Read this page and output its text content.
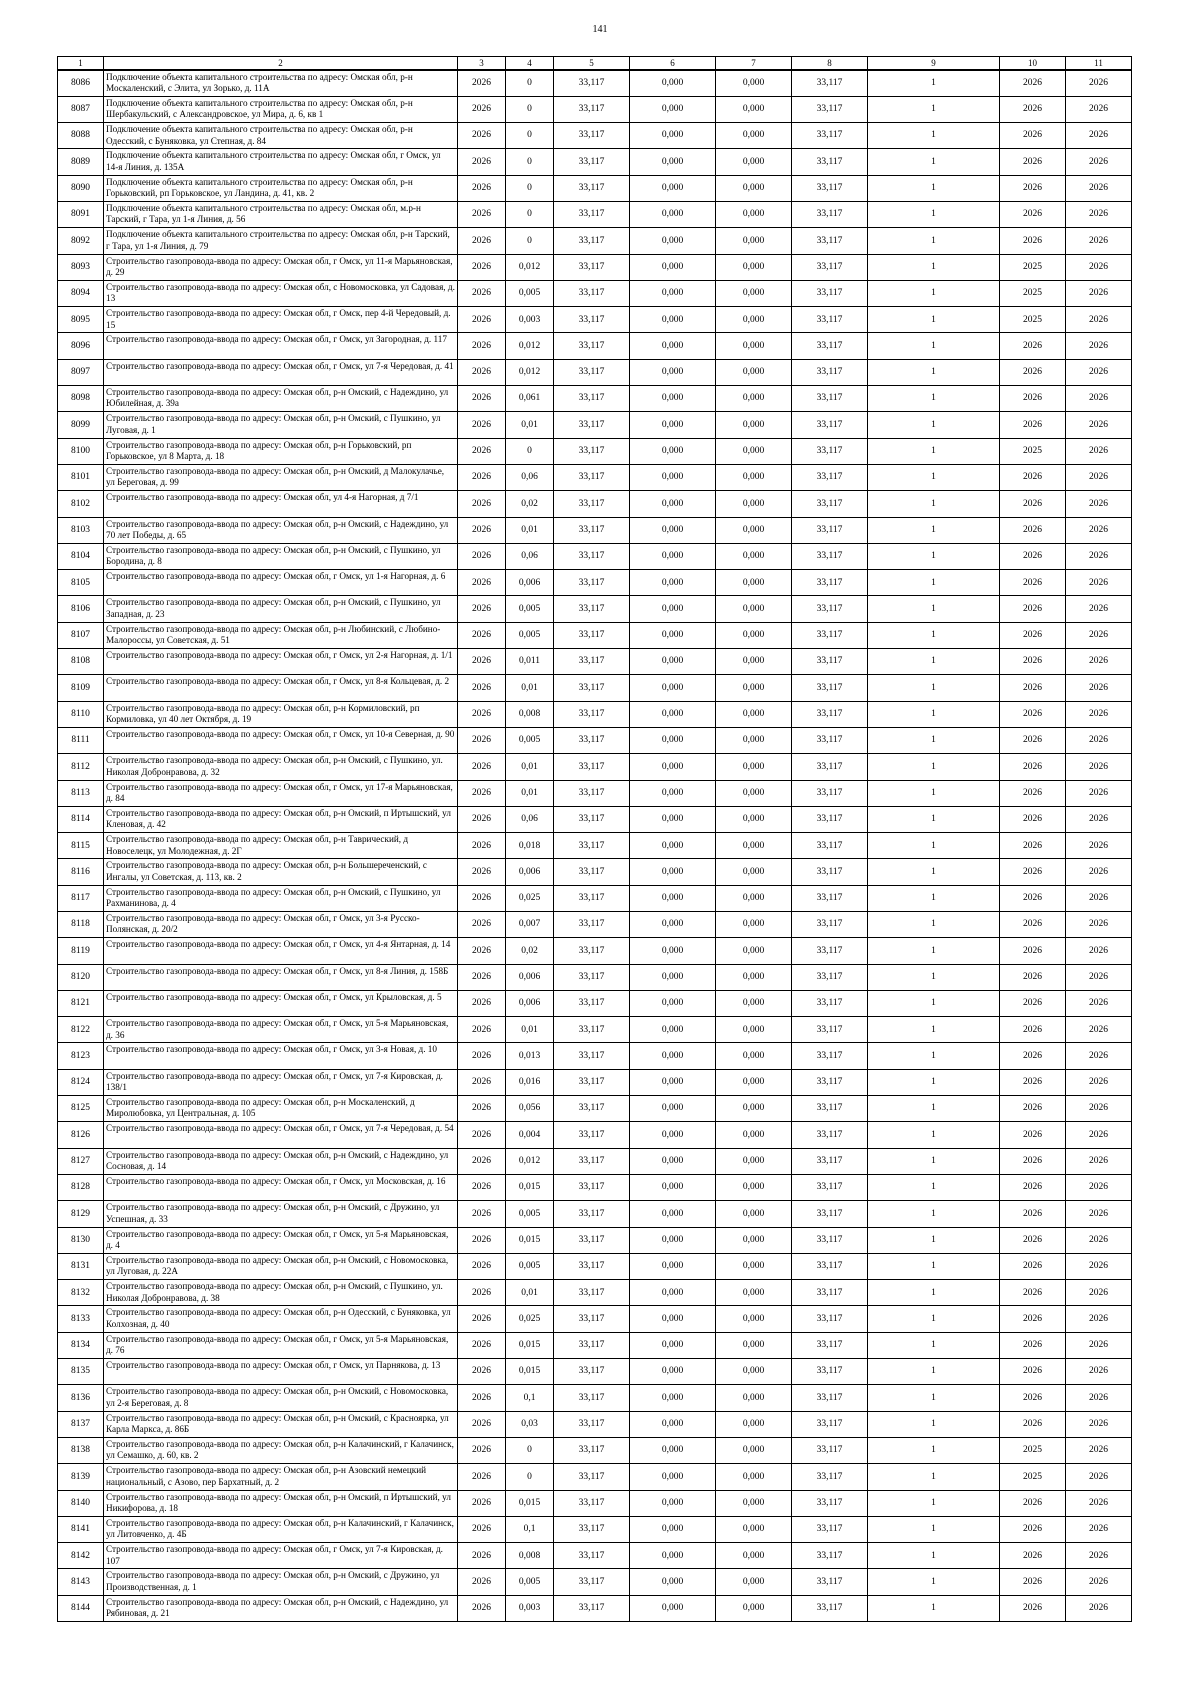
141
1	2	3	4	5	6	7	8	9	10	11
8086	Подключение объекта капитального строительства по адресу: Омская обл, р-н Москаленский, с Элита, ул Зорько, д. 11А	2026	0	33,117	0,000	0,000	33,117	1	2026	2026
8087	Подключение объекта капитального строительства по адресу: Омская обл, р-н Шербакульский, с Александровское, ул Мира, д. 6, кв 1	2026	0	33,117	0,000	0,000	33,117	1	2026	2026
8088	Подключение объекта капитального строительства по адресу: Омская обл, р-н Одесский, с Буняковка, ул Степная, д. 84	2026	0	33,117	0,000	0,000	33,117	1	2026	2026
8089	Подключение объекта капитального строительства по адресу: Омская обл, г Омск, ул 14-я Линия, д. 135А	2026	0	33,117	0,000	0,000	33,117	1	2026	2026
8090	Подключение объекта капитального строительства по адресу: Омская обл, р-н Горьковский, рп Горьковское, ул Ландина, д. 41, кв. 2	2026	0	33,117	0,000	0,000	33,117	1	2026	2026
8091	Подключение объекта капитального строительства по адресу: Омская обл, м.р-н Тарский, г Тара, ул 1-я Линия, д. 56	2026	0	33,117	0,000	0,000	33,117	1	2026	2026
8092	Подключение объекта капитального строительства по адресу: Омская обл, р-н Тарский, г Тара, ул 1-я Линия, д. 79	2026	0	33,117	0,000	0,000	33,117	1	2026	2026
8093	Строительство газопровода-ввода по адресу: Омская обл, г Омск, ул 11-я Марьяновская, д. 29	2026	0,012	33,117	0,000	0,000	33,117	1	2025	2026
8094	Строительство газопровода-ввода по адресу: Омская обл, с Новомосковка, ул Садовая, д. 13	2026	0,005	33,117	0,000	0,000	33,117	1	2025	2026
8095	Строительство газопровода-ввода по адресу: Омская обл, г Омск, пер 4-й Чередовый, д. 15	2026	0,003	33,117	0,000	0,000	33,117	1	2025	2026
8096	Строительство газопровода-ввода по адресу: Омская обл, г Омск, ул Загородная, д. 117	2026	0,012	33,117	0,000	0,000	33,117	1	2026	2026
8097	Строительство газопровода-ввода по адресу: Омская обл, г Омск, ул 7-я Чередовая, д. 41	2026	0,012	33,117	0,000	0,000	33,117	1	2026	2026
8098	Строительство газопровода-ввода по адресу: Омская обл, р-н Омский, с Надеждино, ул Юбилейная, д. 39а	2026	0,061	33,117	0,000	0,000	33,117	1	2026	2026
8099	Строительство газопровода-ввода по адресу: Омская обл, р-н Омский, с Пушкино, ул Луговая, д. 1	2026	0,01	33,117	0,000	0,000	33,117	1	2026	2026
8100	Строительство газопровода-ввода по адресу: Омская обл, р-н Горьковский, рп Горьковское, ул 8 Марта, д. 18	2026	0	33,117	0,000	0,000	33,117	1	2025	2026
8101	Строительство газопровода-ввода по адресу: Омская обл, р-н Омский, д Малокулачье, ул Береговая, д. 99	2026	0,06	33,117	0,000	0,000	33,117	1	2026	2026
8102	Строительство газопровода-ввода по адресу: Омская обл, ул 4-я Нагорная, д 7/1	2026	0,02	33,117	0,000	0,000	33,117	1	2026	2026
8103	Строительство газопровода-ввода по адресу: Омская обл, р-н Омский, с Надеждино, ул 70 лет Победы, д. 65	2026	0,01	33,117	0,000	0,000	33,117	1	2026	2026
8104	Строительство газопровода-ввода по адресу: Омская обл, р-н Омский, с Пушкино, ул Бородина, д. 8	2026	0,06	33,117	0,000	0,000	33,117	1	2026	2026
8105	Строительство газопровода-ввода по адресу: Омская обл, г Омск, ул 1-я Нагорная, д. 6	2026	0,006	33,117	0,000	0,000	33,117	1	2026	2026
8106	Строительство газопровода-ввода по адресу: Омская обл, р-н Омский, с Пушкино, ул Западная, д. 23	2026	0,005	33,117	0,000	0,000	33,117	1	2026	2026
8107	Строительство газопровода-ввода по адресу: Омская обл, р-н Любинский, с Любино-Малороссы, ул Советская, д. 51	2026	0,005	33,117	0,000	0,000	33,117	1	2026	2026
8108	Строительство газопровода-ввода по адресу: Омская обл, г Омск, ул 2-я Нагорная, д. 1/1	2026	0,011	33,117	0,000	0,000	33,117	1	2026	2026
8109	Строительство газопровода-ввода по адресу: Омская обл, г Омск, ул 8-я Кольцевая, д. 2	2026	0,01	33,117	0,000	0,000	33,117	1	2026	2026
8110	Строительство газопровода-ввода по адресу: Омская обл, р-н Кормиловский, рп Кормиловка, ул 40 лет Октября, д. 19	2026	0,008	33,117	0,000	0,000	33,117	1	2026	2026
8111	Строительство газопровода-ввода по адресу: Омская обл, г Омск, ул 10-я Северная, д. 90	2026	0,005	33,117	0,000	0,000	33,117	1	2026	2026
8112	Строительство газопровода-ввода по адресу: Омская обл, р-н Омский, с Пушкино, ул. Николая Добронравова, д. 32	2026	0,01	33,117	0,000	0,000	33,117	1	2026	2026
8113	Строительство газопровода-ввода по адресу: Омская обл, г Омск, ул 17-я Марьяновская, д. 84	2026	0,01	33,117	0,000	0,000	33,117	1	2026	2026
8114	Строительство газопровода-ввода по адресу: Омская обл, р-н Омский, п Иртышский, ул Кленовая, д. 42	2026	0,06	33,117	0,000	0,000	33,117	1	2026	2026
8115	Строительство газопровода-ввода по адресу: Омская обл, р-н Таврический, д Новоселецк, ул Молодежная, д. 2Г	2026	0,018	33,117	0,000	0,000	33,117	1	2026	2026
8116	Строительство газопровода-ввода по адресу: Омская обл, р-н Большереченский, с Ингалы, ул Советская, д. 113, кв. 2	2026	0,006	33,117	0,000	0,000	33,117	1	2026	2026
8117	Строительство газопровода-ввода по адресу: Омская обл, р-н Омский, с Пушкино, ул Рахманинова, д. 4	2026	0,025	33,117	0,000	0,000	33,117	1	2026	2026
8118	Строительство газопровода-ввода по адресу: Омская обл, г Омск, ул 3-я Русско-Полянская, д. 20/2	2026	0,007	33,117	0,000	0,000	33,117	1	2026	2026
8119	Строительство газопровода-ввода по адресу: Омская обл, г Омск, ул 4-я Янтарная, д. 14	2026	0,02	33,117	0,000	0,000	33,117	1	2026	2026
8120	Строительство газопровода-ввода по адресу: Омская обл, г Омск, ул 8-я Линия, д. 158Б	2026	0,006	33,117	0,000	0,000	33,117	1	2026	2026
8121	Строительство газопровода-ввода по адресу: Омская обл, г Омск, ул Крыловская, д. 5	2026	0,006	33,117	0,000	0,000	33,117	1	2026	2026
8122	Строительство газопровода-ввода по адресу: Омская обл, г Омск, ул 5-я Марьяновская, д. 36	2026	0,01	33,117	0,000	0,000	33,117	1	2026	2026
8123	Строительство газопровода-ввода по адресу: Омская обл, г Омск, ул 3-я Новая, д. 10	2026	0,013	33,117	0,000	0,000	33,117	1	2026	2026
8124	Строительство газопровода-ввода по адресу: Омская обл, г Омск, ул 7-я Кировская, д. 138/1	2026	0,016	33,117	0,000	0,000	33,117	1	2026	2026
8125	Строительство газопровода-ввода по адресу: Омская обл, р-н Москаленский, д Миролюбовка, ул Центральная, д. 105	2026	0,056	33,117	0,000	0,000	33,117	1	2026	2026
8126	Строительство газопровода-ввода по адресу: Омская обл, г Омск, ул 7-я Чередовая, д. 54	2026	0,004	33,117	0,000	0,000	33,117	1	2026	2026
8127	Строительство газопровода-ввода по адресу: Омская обл, р-н Омский, с Надеждино, ул Сосновая, д. 14	2026	0,012	33,117	0,000	0,000	33,117	1	2026	2026
8128	Строительство газопровода-ввода по адресу: Омская обл, г Омск, ул Московская, д. 16	2026	0,015	33,117	0,000	0,000	33,117	1	2026	2026
8129	Строительство газопровода-ввода по адресу: Омская обл, р-н Омский, с Дружино, ул Успешная, д. 33	2026	0,005	33,117	0,000	0,000	33,117	1	2026	2026
8130	Строительство газопровода-ввода по адресу: Омская обл, г Омск, ул 5-я Марьяновская, д. 4	2026	0,015	33,117	0,000	0,000	33,117	1	2026	2026
8131	Строительство газопровода-ввода по адресу: Омская обл, р-н Омский, с Новомосковка, ул Луговая, д. 22А	2026	0,005	33,117	0,000	0,000	33,117	1	2026	2026
8132	Строительство газопровода-ввода по адресу: Омская обл, р-н Омский, с Пушкино, ул. Николая Добронравова, д. 38	2026	0,01	33,117	0,000	0,000	33,117	1	2026	2026
8133	Строительство газопровода-ввода по адресу: Омская обл, р-н Одесский, с Буняковка, ул Колхозная, д. 40	2026	0,025	33,117	0,000	0,000	33,117	1	2026	2026
8134	Строительство газопровода-ввода по адресу: Омская обл, г Омск, ул 5-я Марьяновская, д. 76	2026	0,015	33,117	0,000	0,000	33,117	1	2026	2026
8135	Строительство газопровода-ввода по адресу: Омская обл, г Омск, ул Парнякова, д. 13	2026	0,015	33,117	0,000	0,000	33,117	1	2026	2026
8136	Строительство газопровода-ввода по адресу: Омская обл, р-н Омский, с Новомосковка, ул 2-я Береговая, д. 8	2026	0,1	33,117	0,000	0,000	33,117	1	2026	2026
8137	Строительство газопровода-ввода по адресу: Омская обл, р-н Омский, с Красноярка, ул Карла Маркса, д. 86Б	2026	0,03	33,117	0,000	0,000	33,117	1	2026	2026
8138	Строительство газопровода-ввода по адресу: Омская обл, р-н Калачинский, г Калачинск, ул Семашко, д. 60, кв. 2	2026	0	33,117	0,000	0,000	33,117	1	2025	2026
8139	Строительство газопровода-ввода по адресу: Омская обл, р-н Азовский немецкий национальный, с Азово, пер Бархатный, д. 2	2026	0	33,117	0,000	0,000	33,117	1	2025	2026
8140	Строительство газопровода-ввода по адресу: Омская обл, р-н Омский, п Иртышский, ул Никифорова, д. 18	2026	0,015	33,117	0,000	0,000	33,117	1	2026	2026
8141	Строительство газопровода-ввода по адресу: Омская обл, р-н Калачинский, г Калачинск, ул Литовченко, д. 4Б	2026	0,1	33,117	0,000	0,000	33,117	1	2026	2026
8142	Строительство газопровода-ввода по адресу: Омская обл, г Омск, ул 7-я Кировская, д. 107	2026	0,008	33,117	0,000	0,000	33,117	1	2026	2026
8143	Строительство газопровода-ввода по адресу: Омская обл, р-н Омский, с Дружино, ул Производственная, д. 1	2026	0,005	33,117	0,000	0,000	33,117	1	2026	2026
8144	Строительство газопровода-ввода по адресу: Омская обл, р-н Омский, с Надеждино, ул Рябиновая, д. 21	2026	0,003	33,117	0,000	0,000	33,117	1	2026	2026
